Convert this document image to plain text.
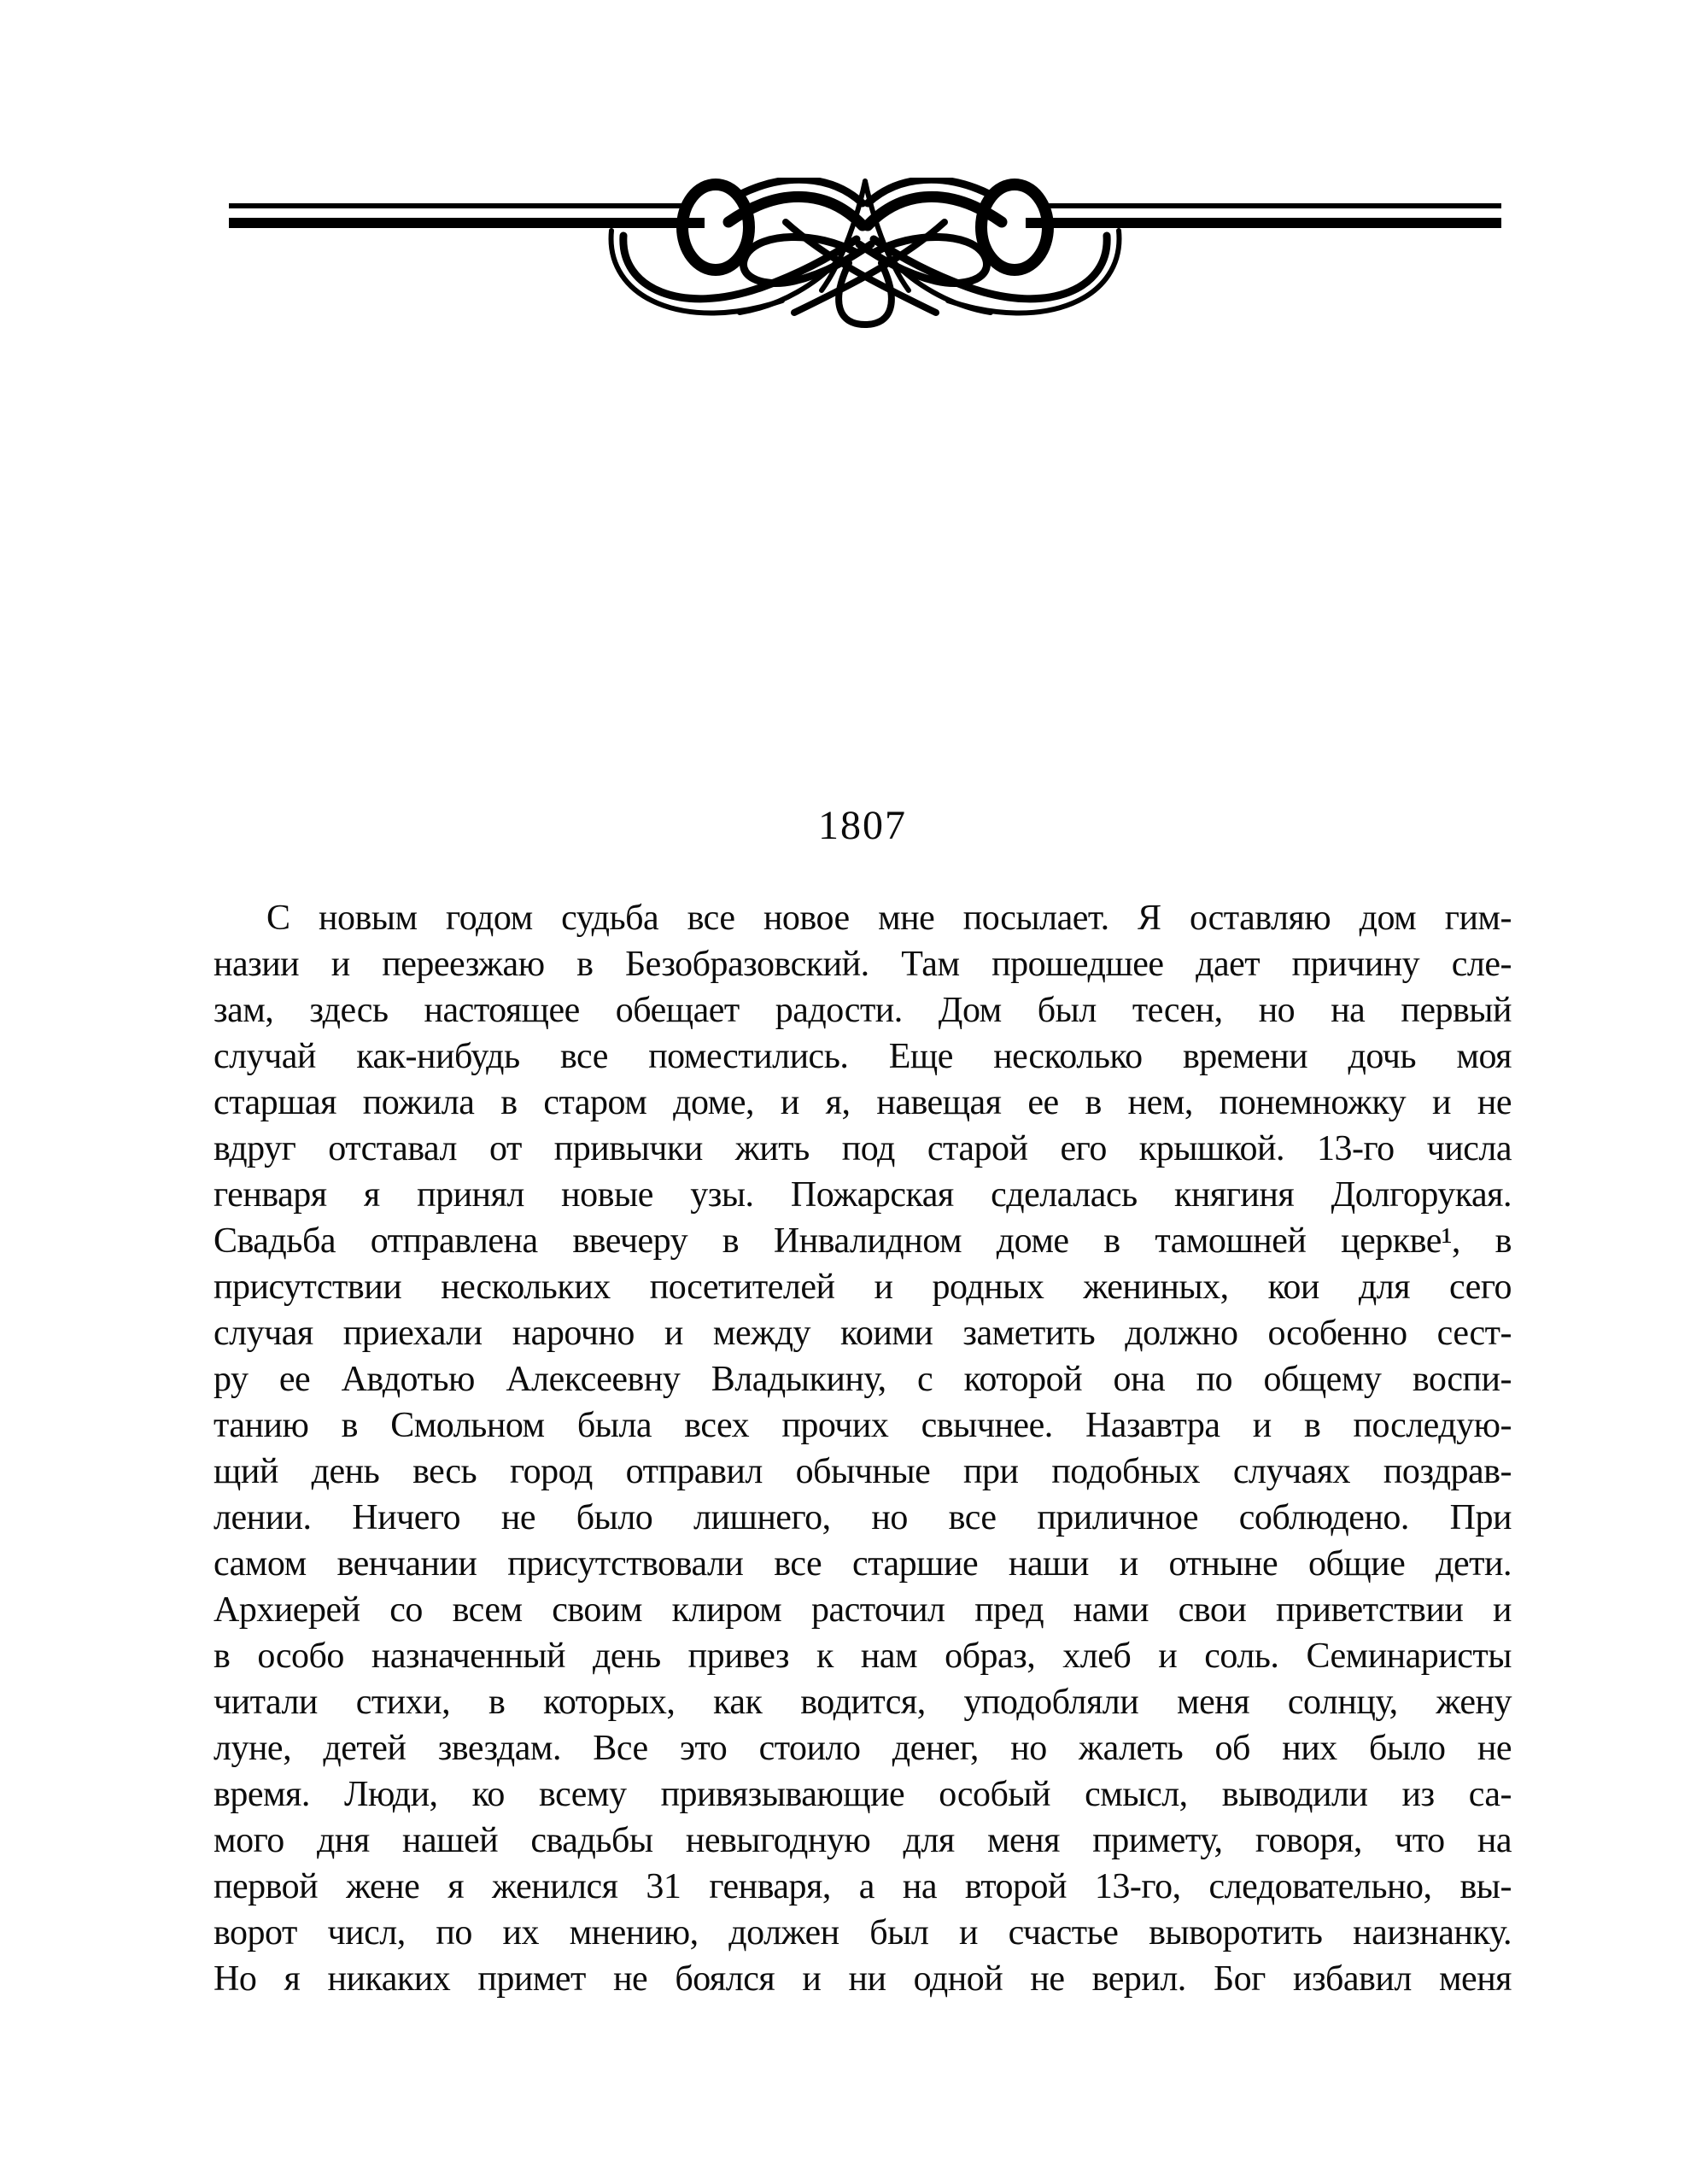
1807
С новым годом судьба все новое мне посылает. Я оставляю дом гим-
назии и переезжаю в Безобразовский. Там прошедшее дает причину сле-
зам, здесь настоящее обещает радости. Дом был тесен, но на первый
случай как-нибудь все поместились. Еще несколько времени дочь моя
старшая пожила в старом доме, и я, навещая ее в нем, понемножку и не
вдруг отставал от привычки жить под старой его крышкой. 13-го числа
генваря я принял новые узы. Пожарская сделалась княгиня Долгорукая.
Свадьба отправлена ввечеру в Инвалидном доме в тамошней церкве¹, в
присутствии нескольких посетителей и родных жениных, кои для сего
случая приехали нарочно и между коими заметить должно особенно сест-
ру ее Авдотью Алексеевну Владыкину, с которой она по общему воспи-
танию в Смольном была всех прочих свычнее. Назавтра и в последую-
щий день весь город отправил обычные при подобных случаях поздрав-
лении. Ничего не было лишнего, но все приличное соблюдено. При
самом венчании присутствовали все старшие наши и отныне общие дети.
Архиерей со всем своим клиром расточил пред нами свои приветствии и
в особо назначенный день привез к нам образ, хлеб и соль. Семинаристы
читали стихи, в которых, как водится, уподобляли меня солнцу, жену
луне, детей звездам. Все это стоило денег, но жалеть об них было не
время. Люди, ко всему привязывающие особый смысл, выводили из са-
мого дня нашей свадьбы невыгодную для меня примету, говоря, что на
первой жене я женился 31 генваря, а на второй 13-го, следовательно, вы-
ворот числ, по их мнению, должен был и счастье выворотить наизнанку.
Но я никаких примет не боялся и ни одной не верил. Бог избавил меня
